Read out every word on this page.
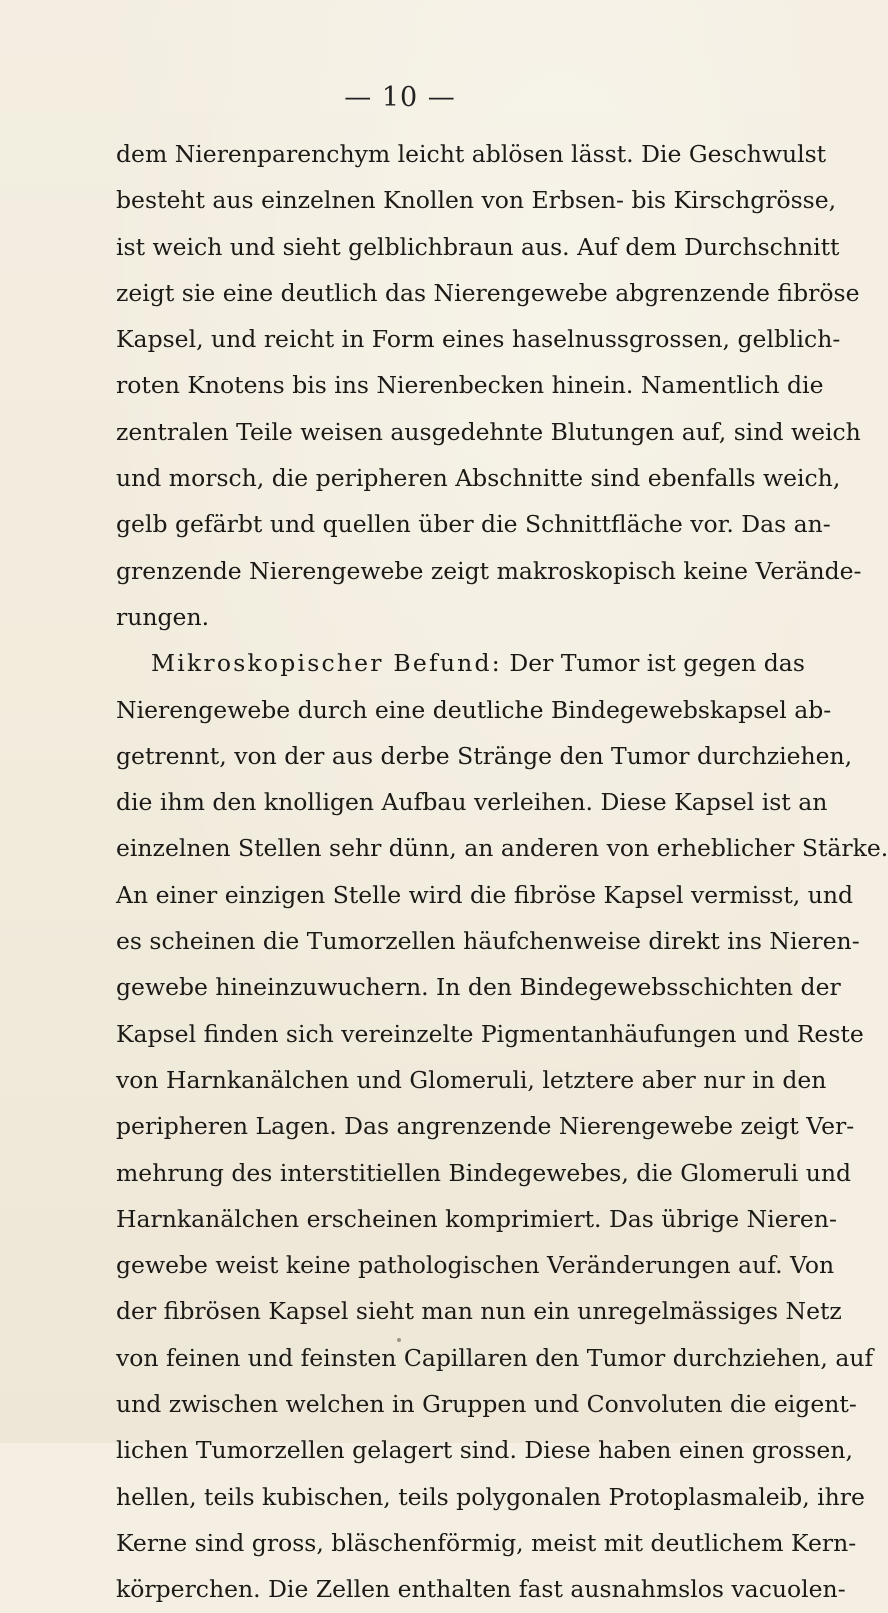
— 10 —
dem Nierenparenchym leicht ablösen lässt. Die Geschwulst
besteht aus einzelnen Knollen von Erbsen- bis Kirschgrösse,
ist weich und sieht gelblichbraun aus. Auf dem Durchschnitt
zeigt sie eine deutlich das Nierengewebe abgrenzende fibröse
Kapsel, und reicht in Form eines haselnussgrossen, gelblich-
roten Knotens bis ins Nierenbecken hinein. Namentlich die
zentralen Teile weisen ausgedehnte Blutungen auf, sind weich
und morsch, die peripheren Abschnitte sind ebenfalls weich,
gelb gefärbt und quellen über die Schnittfläche vor. Das an-
grenzende Nierengewebe zeigt makroskopisch keine Verände-
rungen.
Mikroskopischer Befund: Der Tumor ist gegen das
Nierengewebe durch eine deutliche Bindegewebskapsel ab-
getrennt, von der aus derbe Stränge den Tumor durchziehen,
die ihm den knolligen Aufbau verleihen. Diese Kapsel ist an
einzelnen Stellen sehr dünn, an anderen von erheblicher Stärke.
An einer einzigen Stelle wird die fibröse Kapsel vermisst, und
es scheinen die Tumorzellen häufchenweise direkt ins Nieren-
gewebe hineinzuwuchern. In den Bindegewebsschichten der
Kapsel finden sich vereinzelte Pigmentanhäufungen und Reste
von Harnkanälchen und Glomeruli, letztere aber nur in den
peripheren Lagen. Das angrenzende Nierengewebe zeigt Ver-
mehrung des interstitiellen Bindegewebes, die Glomeruli und
Harnkanälchen erscheinen komprimiert. Das übrige Nieren-
gewebe weist keine pathologischen Veränderungen auf. Von
der fibrösen Kapsel sieht man nun ein unregelmässiges Netz
von feinen und feinsten Capillaren den Tumor durchziehen, auf
und zwischen welchen in Gruppen und Convoluten die eigent-
lichen Tumorzellen gelagert sind. Diese haben einen grossen,
hellen, teils kubischen, teils polygonalen Protoplasmaleib, ihre
Kerne sind gross, bläschenförmig, meist mit deutlichem Kern-
körperchen. Die Zellen enthalten fast ausnahmslos vacuolen-
